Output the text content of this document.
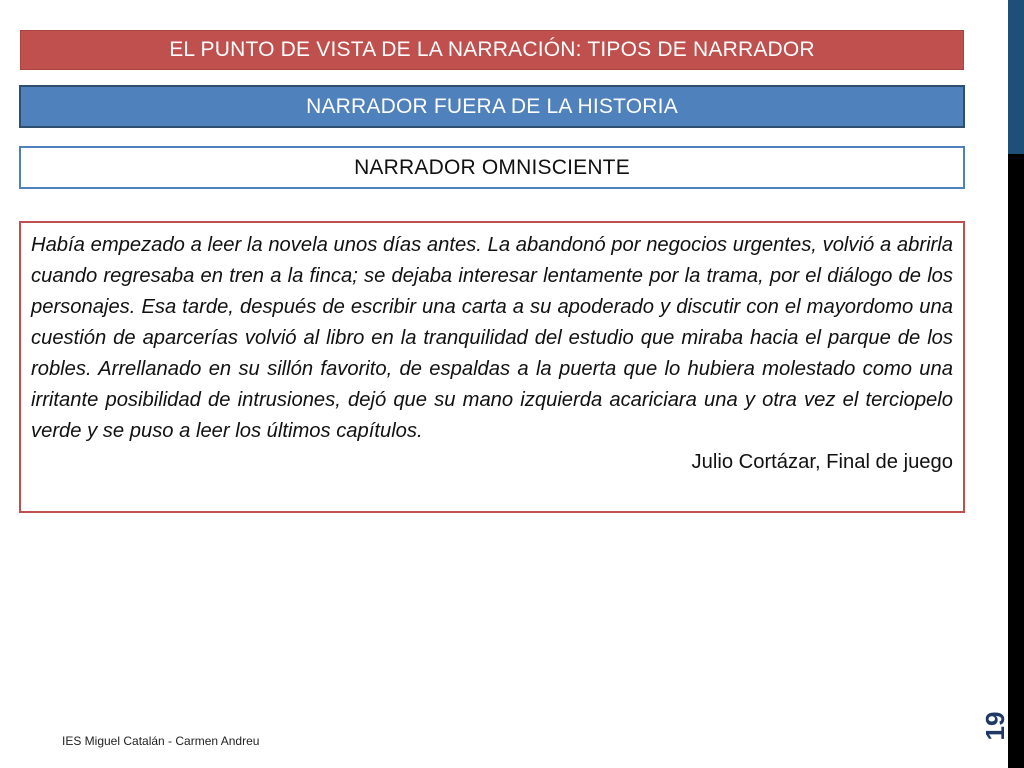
EL PUNTO DE VISTA DE LA NARRACIÓN: TIPOS DE NARRADOR
NARRADOR FUERA DE LA HISTORIA
NARRADOR OMNISCIENTE

Había empezado a leer la novela unos días antes. La abandonó por negocios urgentes, volvió a abrirla cuando regresaba en tren a la finca; se dejaba interesar lentamente por la trama, por el diálogo de los personajes. Esa tarde, después de escribir una carta a su apoderado y discutir con el mayordomo una cuestión de aparcerías volvió al libro en la tranquilidad del estudio que miraba hacia el parque de los robles. Arrellanado en su sillón favorito, de espaldas a la puerta que lo hubiera molestado como una irritante posibilidad de intrusiones, dejó que su mano izquierda acariciara una y otra vez el terciopelo verde y se puso a leer los últimos capítulos.

Julio Cortázar, Final de juego

IES Miguel Catalán - Carmen Andreu
19
